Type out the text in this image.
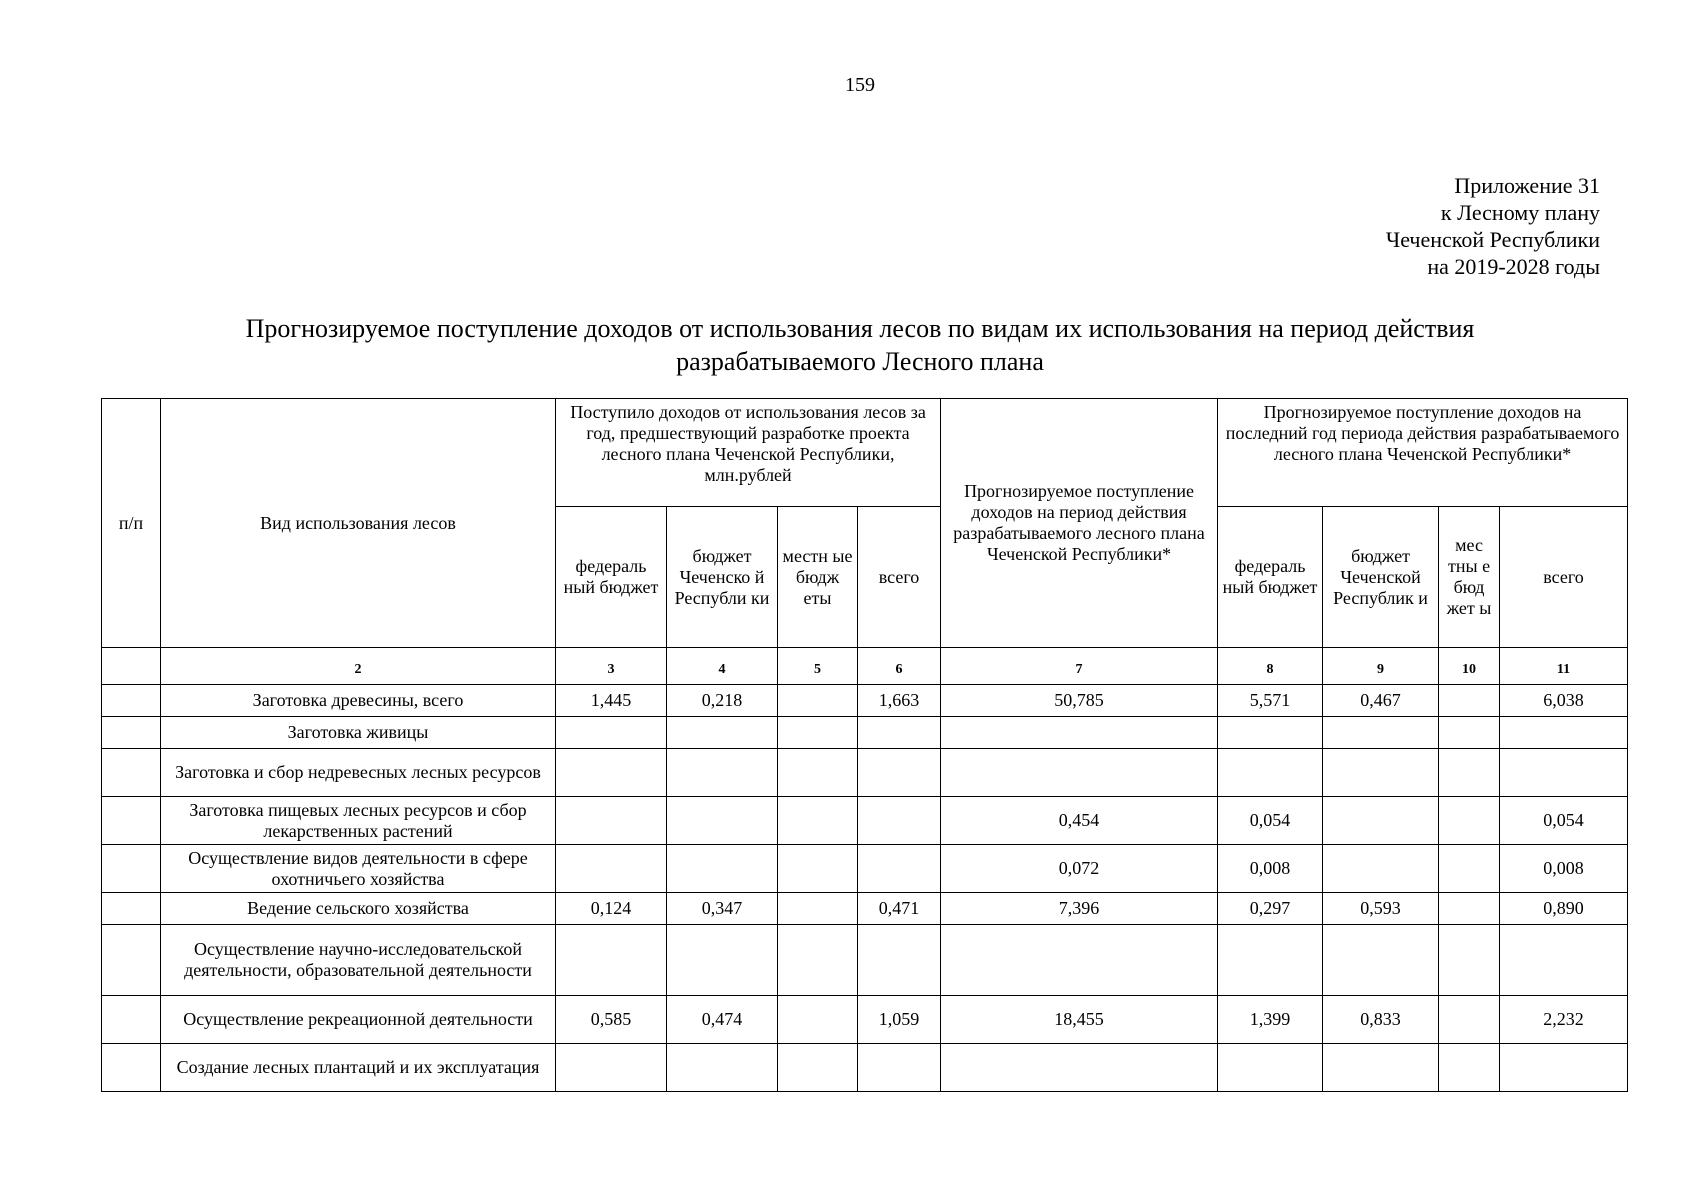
159
Приложение 31
к Лесному плану
Чеченской Республики
на 2019-2028 годы
Прогнозируемое поступление доходов от использования лесов по видам их использования на период действия
разрабатываемого Лесного плана
п/п	Вид использования лесов	Поступило доходов от использования лесов за год, предшествующий разработке проекта лесного плана Чеченской Республики, млн.рублей				Прогнозируемое поступление доходов на период действия разрабатываемого лесного плана Чеченской Республики*	Прогнозируемое поступление доходов на последний год периода действия разрабатываемого лесного плана Чеченской Республики*			
		федераль ный бюджет	бюджет Чеченско й Республи ки	местн ые бюдж еты	всего		федераль ный бюджет	бюджет Чеченской Республик и	мес тны е бюд жет ы	всего
	2	3	4	5	6	7	8	9	10	11
	Заготовка древесины, всего	1,445	0,218		1,663	50,785	5,571	0,467		6,038
	Заготовка живицы									
	Заготовка и сбор недревесных лесных ресурсов									
	Заготовка пищевых лесных ресурсов и сбор лекарственных растений					0,454	0,054			0,054
	Осуществление видов деятельности в сфере охотничьего хозяйства					0,072	0,008			0,008
	Ведение сельского хозяйства	0,124	0,347		0,471	7,396	0,297	0,593		0,890
	Осуществление научно-исследовательской деятельности, образовательной деятельности									
	Осуществление рекреационной деятельности	0,585	0,474		1,059	18,455	1,399	0,833		2,232
	Создание лесных плантаций и их эксплуатация									
